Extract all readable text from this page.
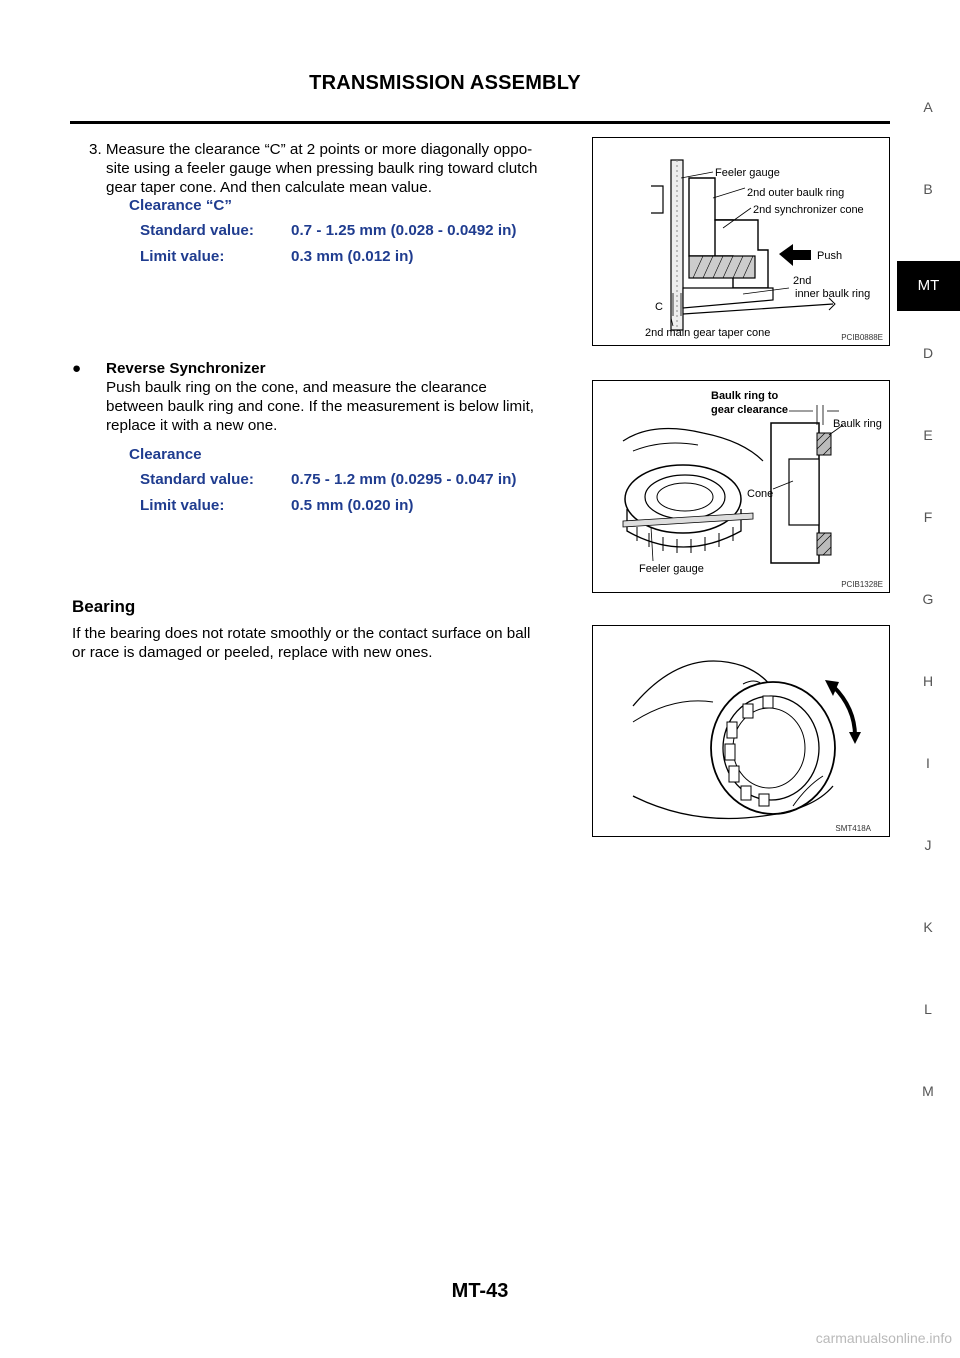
TRANSMISSION ASSEMBLY
3. Measure the clearance “C” at 2 points or more diagonally oppo-
site using a feeler gauge when pressing baulk ring toward clutch
gear taper cone. And then calculate mean value.
Clearance “C”
Standard value: 0.7 - 1.25 mm (0.028 - 0.0492 in)
Limit value:	0.3 mm (0.012 in)
Feeler gauge
2nd outer baulk ring
2nd synchronizer cone
Push
2nd
inner baulk ring
C
2nd main gear taper cone	PCIB0888E
● Reverse Synchronizer
Push baulk ring on the cone, and measure the clearance
between baulk ring and cone. If the measurement is below limit,
replace it with a new one.
Clearance
Standard value: 0.75 - 1.2 mm (0.0295 - 0.047 in)
Limit value:	0.5 mm (0.020 in)
Baulk ring to
gear clearance
Baulk ring
Cone
Feeler gauge
PCIB1328E
Bearing
If the bearing does not rotate smoothly or the contact surface on ball
or race is damaged or peeled, replace with new ones.
SMT418A
A
B
MT
D
E
F
G
H
I
J
K
L
M
MT-43
carmanualsonline.info
